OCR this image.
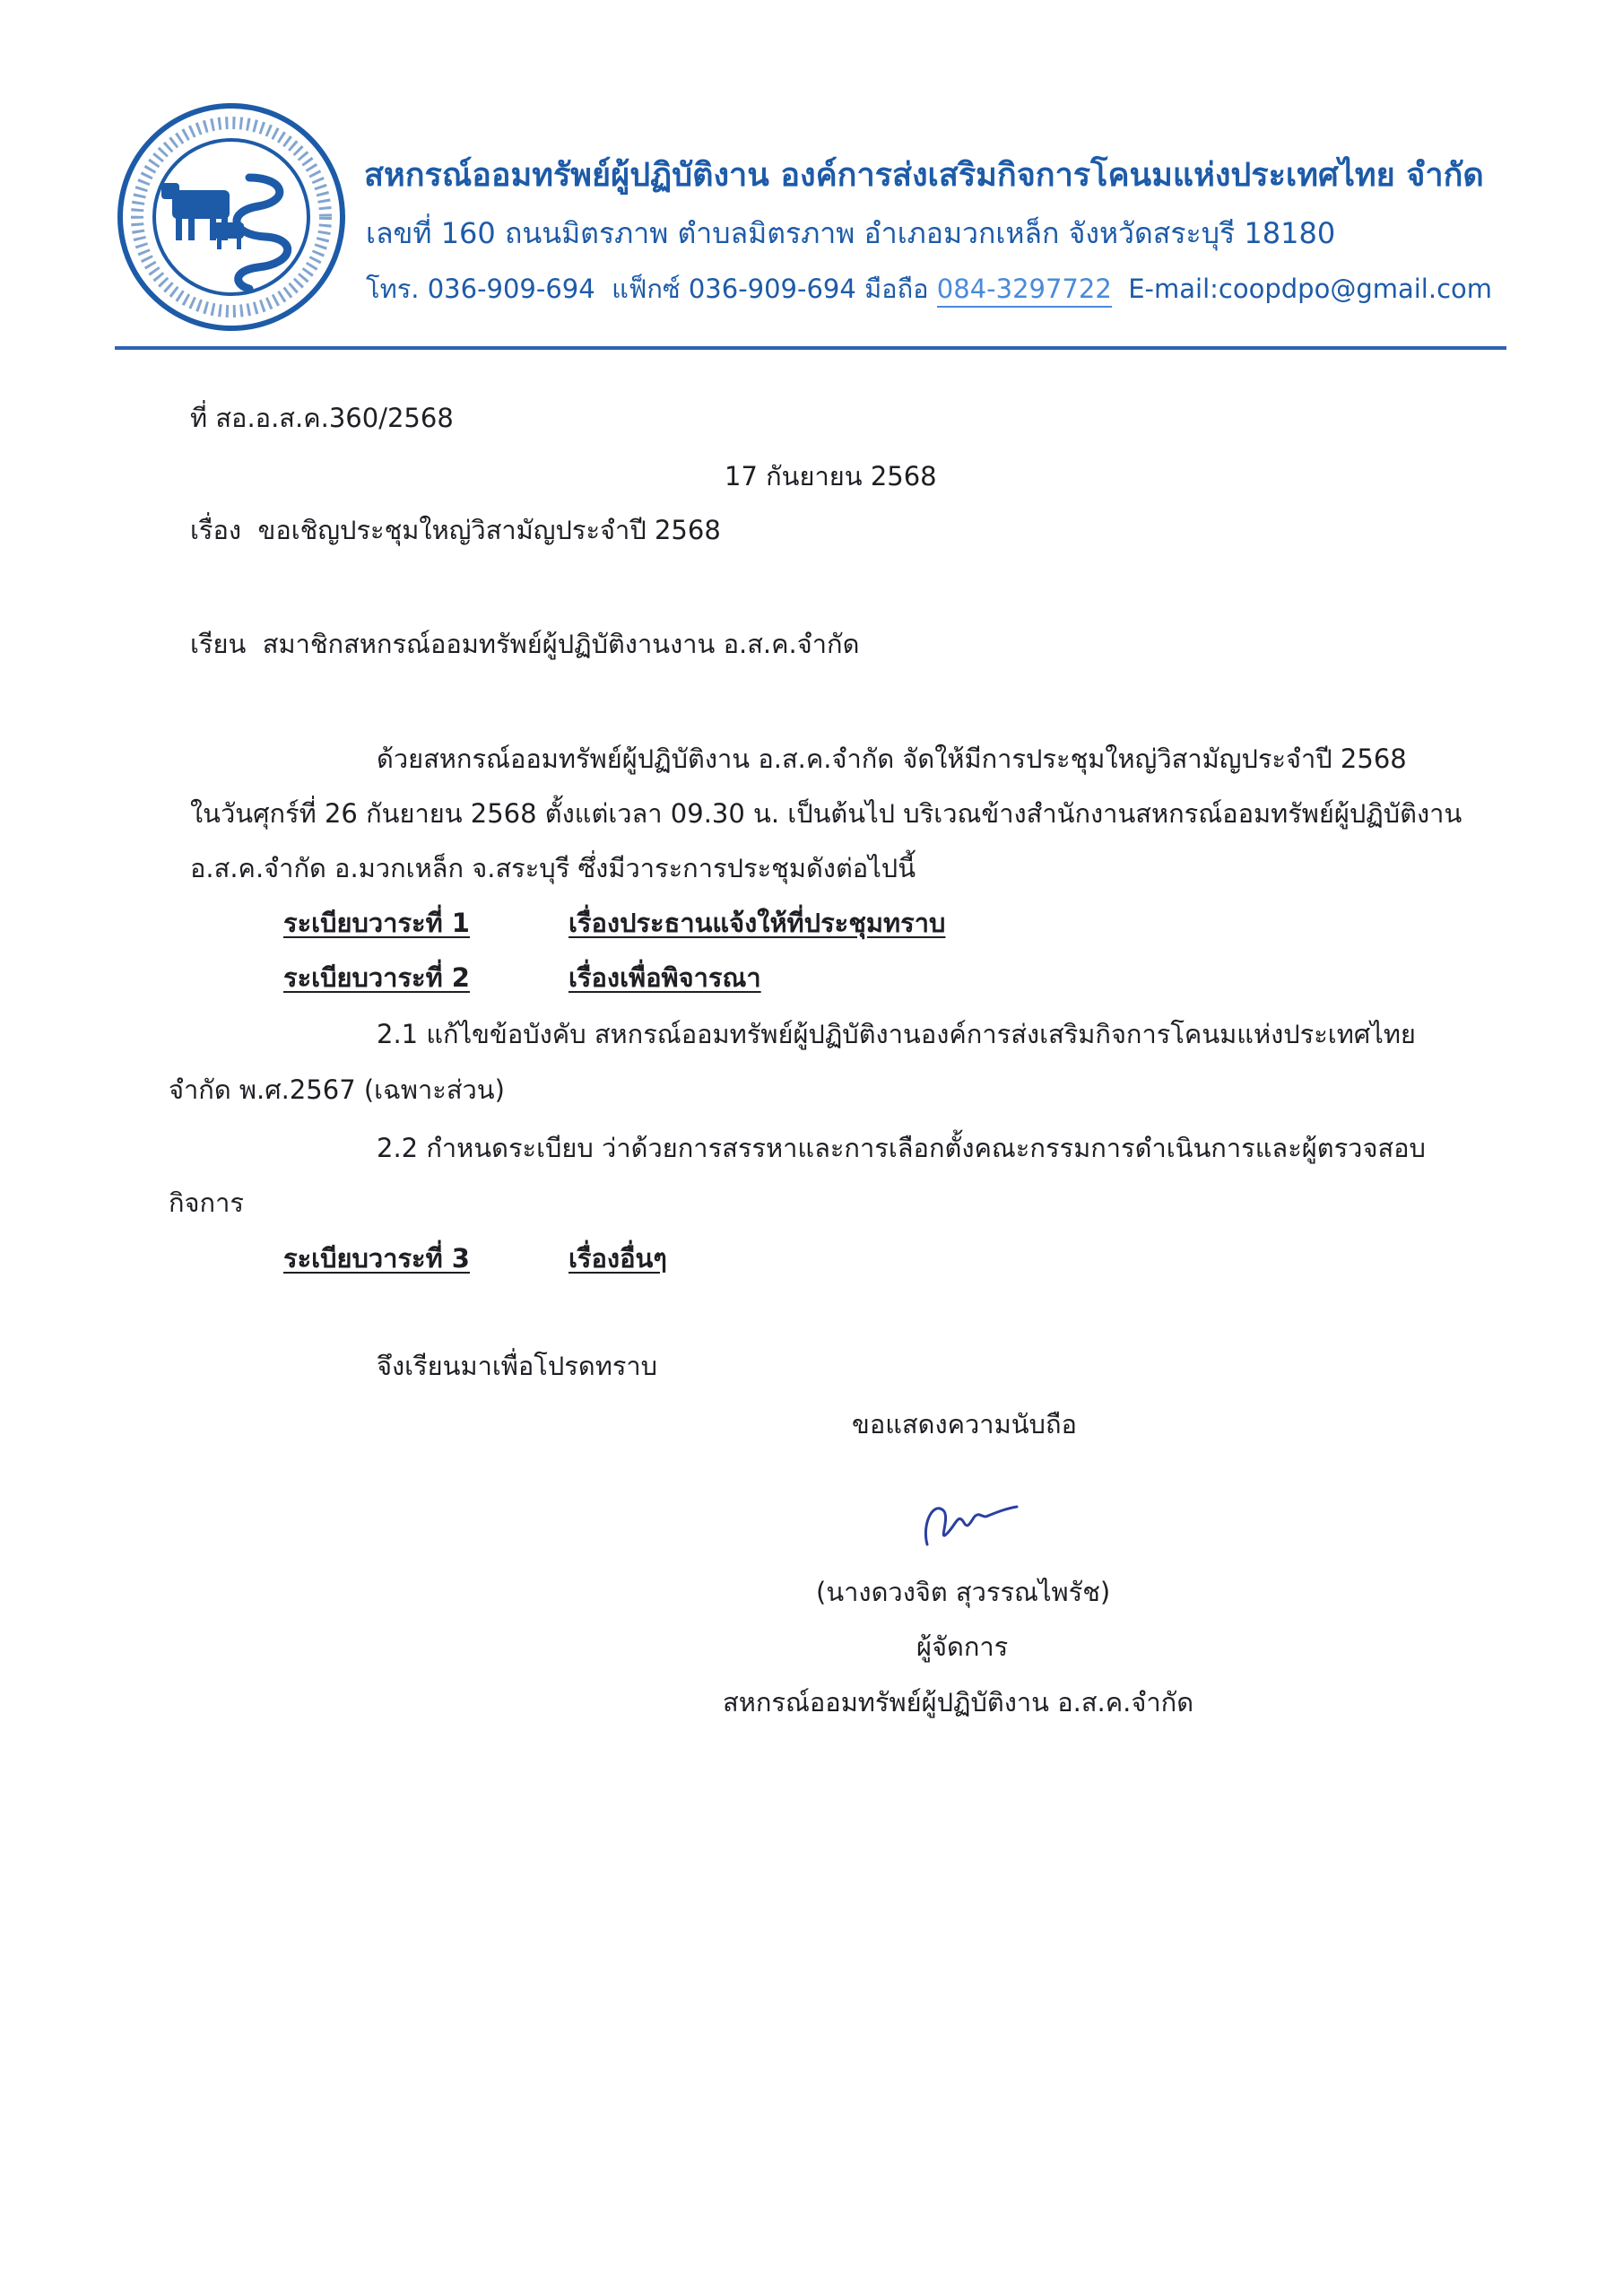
สหกรณ์ออมทรัพย์ผู้ปฏิบัติงาน องค์การส่งเสริมกิจการโคนมแห่งประเทศไทย จำกัด
เลขที่ 160 ถนนมิตรภาพ ตำบลมิตรภาพ อำเภอมวกเหล็ก จังหวัดสระบุรี 18180
โทร. 036-909-694 แฟ็กซ์ 036-909-694 มือถือ 084-3297722 E-mail:coopdpo@gmail.com
ที่ สอ.อ.ส.ค.360/2568
17 กันยายน 2568
เรื่อง ขอเชิญประชุมใหญ่วิสามัญประจำปี 2568
เรียน สมาชิกสหกรณ์ออมทรัพย์ผู้ปฏิบัติงานงาน อ.ส.ค.จำกัด
ด้วยสหกรณ์ออมทรัพย์ผู้ปฏิบัติงาน อ.ส.ค.จำกัด จัดให้มีการประชุมใหญ่วิสามัญประจำปี 2568
ในวันศุกร์ที่ 26 กันยายน 2568 ตั้งแต่เวลา 09.30 น. เป็นต้นไป บริเวณข้างสำนักงานสหกรณ์ออมทรัพย์ผู้ปฏิบัติงาน
อ.ส.ค.จำกัด อ.มวกเหล็ก จ.สระบุรี ซึ่งมีวาระการประชุมดังต่อไปนี้
ระเบียบวาระที่ 1	เรื่องประธานแจ้งให้ที่ประชุมทราบ
ระเบียบวาระที่ 2	เรื่องเพื่อพิจารณา
2.1 แก้ไขข้อบังคับ สหกรณ์ออมทรัพย์ผู้ปฏิบัติงานองค์การส่งเสริมกิจการโคนมแห่งประเทศไทย
จำกัด พ.ศ.2567 (เฉพาะส่วน)
2.2 กำหนดระเบียบ ว่าด้วยการสรรหาและการเลือกตั้งคณะกรรมการดำเนินการและผู้ตรวจสอบ
กิจการ
ระเบียบวาระที่ 3	เรื่องอื่นๆ
จึงเรียนมาเพื่อโปรดทราบ
ขอแสดงความนับถือ
(นางดวงจิต สุวรรณไพรัช)
ผู้จัดการ
สหกรณ์ออมทรัพย์ผู้ปฏิบัติงาน อ.ส.ค.จำกัด
